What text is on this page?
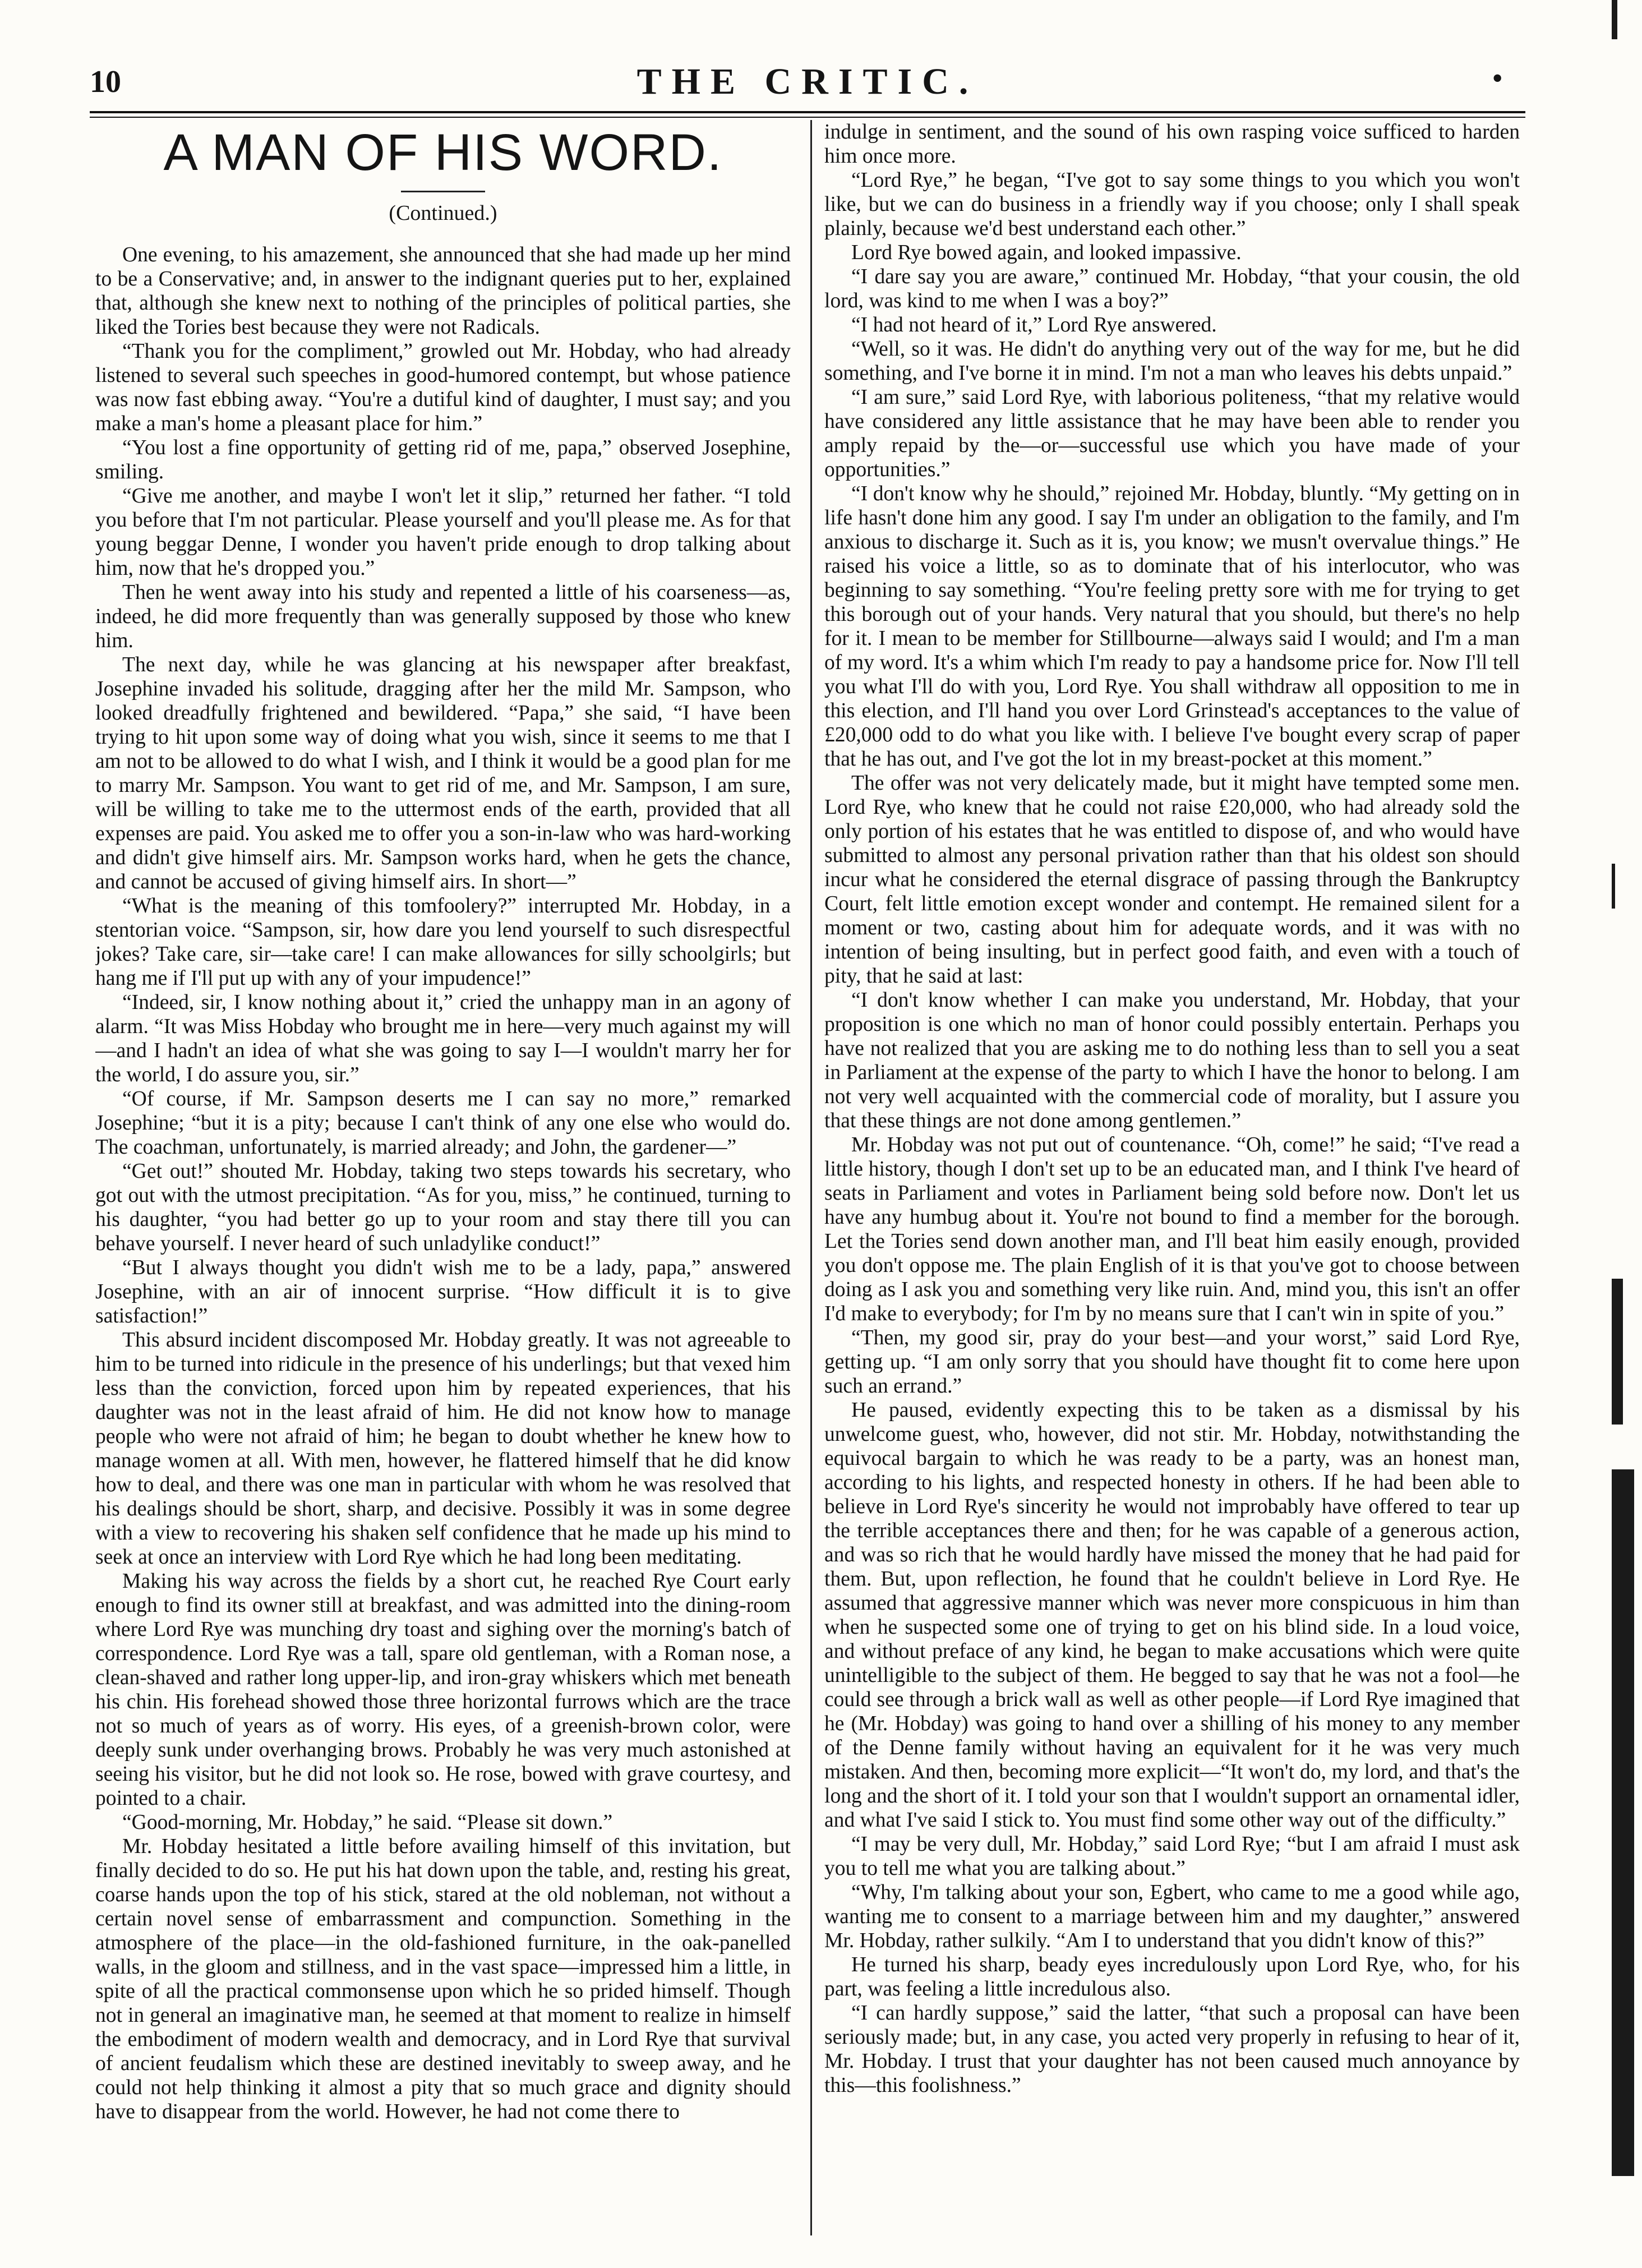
10	THE CRITIC.	•
A MAN OF HIS WORD.
(Continued.)

One evening, to his amazement, she announced that she had made up her mind to be a Conservative; and, in answer to the indignant queries put to her, explained that, although she knew next to nothing of the principles of political parties, she liked the Tories best because they were not Radicals.

“Thank you for the compliment,” growled out Mr. Hobday, who had already listened to several such speeches in good-humored contempt, but whose patience was now fast ebbing away. “You're a dutiful kind of daughter, I must say; and you make a man's home a pleasant place for him.”

“You lost a fine opportunity of getting rid of me, papa,” observed Josephine, smiling.

“Give me another, and maybe I won't let it slip,” returned her father. “I told you before that I'm not particular. Please yourself and you'll please me. As for that young beggar Denne, I wonder you haven't pride enough to drop talking about him, now that he's dropped you.”

Then he went away into his study and repented a little of his coarseness—as, indeed, he did more frequently than was generally supposed by those who knew him.

The next day, while he was glancing at his newspaper after breakfast, Josephine invaded his solitude, dragging after her the mild Mr. Sampson, who looked dreadfully frightened and bewildered. “Papa,” she said, “I have been trying to hit upon some way of doing what you wish, since it seems to me that I am not to be allowed to do what I wish, and I think it would be a good plan for me to marry Mr. Sampson. You want to get rid of me, and Mr. Sampson, I am sure, will be willing to take me to the uttermost ends of the earth, provided that all expenses are paid. You asked me to offer you a son-in-law who was hard-working and didn't give himself airs. Mr. Sampson works hard, when he gets the chance, and cannot be accused of giving himself airs. In short—”

“What is the meaning of this tomfoolery?” interrupted Mr. Hobday, in a stentorian voice. “Sampson, sir, how dare you lend yourself to such disrespectful jokes? Take care, sir—take care! I can make allowances for silly schoolgirls; but hang me if I'll put up with any of your impudence!”

“Indeed, sir, I know nothing about it,” cried the unhappy man in an agony of alarm. “It was Miss Hobday who brought me in here—very much against my will—and I hadn't an idea of what she was going to say I—I wouldn't marry her for the world, I do assure you, sir.”

“Of course, if Mr. Sampson deserts me I can say no more,” remarked Josephine; “but it is a pity; because I can't think of any one else who would do. The coachman, unfortunately, is married already; and John, the gardener—”

“Get out!” shouted Mr. Hobday, taking two steps towards his secretary, who got out with the utmost precipitation. “As for you, miss,” he continued, turning to his daughter, “you had better go up to your room and stay there till you can behave yourself. I never heard of such unladylike conduct!”

“But I always thought you didn't wish me to be a lady, papa,” answered Josephine, with an air of innocent surprise. “How difficult it is to give satisfaction!”

This absurd incident discomposed Mr. Hobday greatly. It was not agreeable to him to be turned into ridicule in the presence of his underlings; but that vexed him less than the conviction, forced upon him by repeated experiences, that his daughter was not in the least afraid of him. He did not know how to manage people who were not afraid of him; he began to doubt whether he knew how to manage women at all. With men, however, he flattered himself that he did know how to deal, and there was one man in particular with whom he was resolved that his dealings should be short, sharp, and decisive. Possibly it was in some degree with a view to recovering his shaken self confidence that he made up his mind to seek at once an interview with Lord Rye which he had long been meditating.

Making his way across the fields by a short cut, he reached Rye Court early enough to find its owner still at breakfast, and was admitted into the dining-room where Lord Rye was munching dry toast and sighing over the morning's batch of correspondence. Lord Rye was a tall, spare old gentleman, with a Roman nose, a clean-shaved and rather long upper-lip, and iron-gray whiskers which met beneath his chin. His forehead showed those three horizontal furrows which are the trace not so much of years as of worry. His eyes, of a greenish-brown color, were deeply sunk under overhanging brows. Probably he was very much astonished at seeing his visitor, but he did not look so. He rose, bowed with grave courtesy, and pointed to a chair.

“Good-morning, Mr. Hobday,” he said. “Please sit down.”

Mr. Hobday hesitated a little before availing himself of this invitation, but finally decided to do so. He put his hat down upon the table, and, resting his great, coarse hands upon the top of his stick, stared at the old nobleman, not without a certain novel sense of embarrassment and compunction. Something in the atmosphere of the place—in the old-fashioned furniture, in the oak-panelled walls, in the gloom and stillness, and in the vast space—impressed him a little, in spite of all the practical commonsense upon which he so prided himself. Though not in general an imaginative man, he seemed at that moment to realize in himself the embodiment of modern wealth and democracy, and in Lord Rye that survival of ancient feudalism which these are destined inevitably to sweep away, and he could not help thinking it almost a pity that so much grace and dignity should have to disappear from the world. However, he had not come there to

indulge in sentiment, and the sound of his own rasping voice sufficed to harden him once more.

“Lord Rye,” he began, “I've got to say some things to you which you won't like, but we can do business in a friendly way if you choose; only I shall speak plainly, because we'd best understand each other.”

Lord Rye bowed again, and looked impassive.

“I dare say you are aware,” continued Mr. Hobday, “that your cousin, the old lord, was kind to me when I was a boy?”

“I had not heard of it,” Lord Rye answered.

“Well, so it was. He didn't do anything very out of the way for me, but he did something, and I've borne it in mind. I'm not a man who leaves his debts unpaid.”

“I am sure,” said Lord Rye, with laborious politeness, “that my relative would have considered any little assistance that he may have been able to render you amply repaid by the—or—successful use which you have made of your opportunities.”

“I don't know why he should,” rejoined Mr. Hobday, bluntly. “My getting on in life hasn't done him any good. I say I'm under an obligation to the family, and I'm anxious to discharge it. Such as it is, you know; we musn't overvalue things.” He raised his voice a little, so as to dominate that of his interlocutor, who was beginning to say something. “You're feeling pretty sore with me for trying to get this borough out of your hands. Very natural that you should, but there's no help for it. I mean to be member for Stillbourne—always said I would; and I'm a man of my word. It's a whim which I'm ready to pay a handsome price for. Now I'll tell you what I'll do with you, Lord Rye. You shall withdraw all opposition to me in this election, and I'll hand you over Lord Grinstead's acceptances to the value of £20,000 odd to do what you like with. I believe I've bought every scrap of paper that he has out, and I've got the lot in my breast-pocket at this moment.”

The offer was not very delicately made, but it might have tempted some men. Lord Rye, who knew that he could not raise £20,000, who had already sold the only portion of his estates that he was entitled to dispose of, and who would have submitted to almost any personal privation rather than that his oldest son should incur what he considered the eternal disgrace of passing through the Bankruptcy Court, felt little emotion except wonder and contempt. He remained silent for a moment or two, casting about him for adequate words, and it was with no intention of being insulting, but in perfect good faith, and even with a touch of pity, that he said at last:

“I don't know whether I can make you understand, Mr. Hobday, that your proposition is one which no man of honor could possibly entertain. Perhaps you have not realized that you are asking me to do nothing less than to sell you a seat in Parliament at the expense of the party to which I have the honor to belong. I am not very well acquainted with the commercial code of morality, but I assure you that these things are not done among gentlemen.”

Mr. Hobday was not put out of countenance. “Oh, come!” he said; “I've read a little history, though I don't set up to be an educated man, and I think I've heard of seats in Parliament and votes in Parliament being sold before now. Don't let us have any humbug about it. You're not bound to find a member for the borough. Let the Tories send down another man, and I'll beat him easily enough, provided you don't oppose me. The plain English of it is that you've got to choose between doing as I ask you and something very like ruin. And, mind you, this isn't an offer I'd make to everybody; for I'm by no means sure that I can't win in spite of you.”

“Then, my good sir, pray do your best—and your worst,” said Lord Rye, getting up. “I am only sorry that you should have thought fit to come here upon such an errand.”

He paused, evidently expecting this to be taken as a dismissal by his unwelcome guest, who, however, did not stir. Mr. Hobday, notwithstanding the equivocal bargain to which he was ready to be a party, was an honest man, according to his lights, and respected honesty in others. If he had been able to believe in Lord Rye's sincerity he would not improbably have offered to tear up the terrible acceptances there and then; for he was capable of a generous action, and was so rich that he would hardly have missed the money that he had paid for them. But, upon reflection, he found that he couldn't believe in Lord Rye. He assumed that aggressive manner which was never more conspicuous in him than when he suspected some one of trying to get on his blind side. In a loud voice, and without preface of any kind, he began to make accusations which were quite unintelligible to the subject of them. He begged to say that he was not a fool—he could see through a brick wall as well as other people—if Lord Rye imagined that he (Mr. Hobday) was going to hand over a shilling of his money to any member of the Denne family without having an equivalent for it he was very much mistaken. And then, becoming more explicit—“It won't do, my lord, and that's the long and the short of it. I told your son that I wouldn't support an ornamental idler, and what I've said I stick to. You must find some other way out of the difficulty.”

“I may be very dull, Mr. Hobday,” said Lord Rye; “but I am afraid I must ask you to tell me what you are talking about.”

“Why, I'm talking about your son, Egbert, who came to me a good while ago, wanting me to consent to a marriage between him and my daughter,” answered Mr. Hobday, rather sulkily. “Am I to understand that you didn't know of this?”

He turned his sharp, beady eyes incredulously upon Lord Rye, who, for his part, was feeling a little incredulous also.

“I can hardly suppose,” said the latter, “that such a proposal can have been seriously made; but, in any case, you acted very properly in refusing to hear of it, Mr. Hobday. I trust that your daughter has not been caused much annoyance by this—this foolishness.”
